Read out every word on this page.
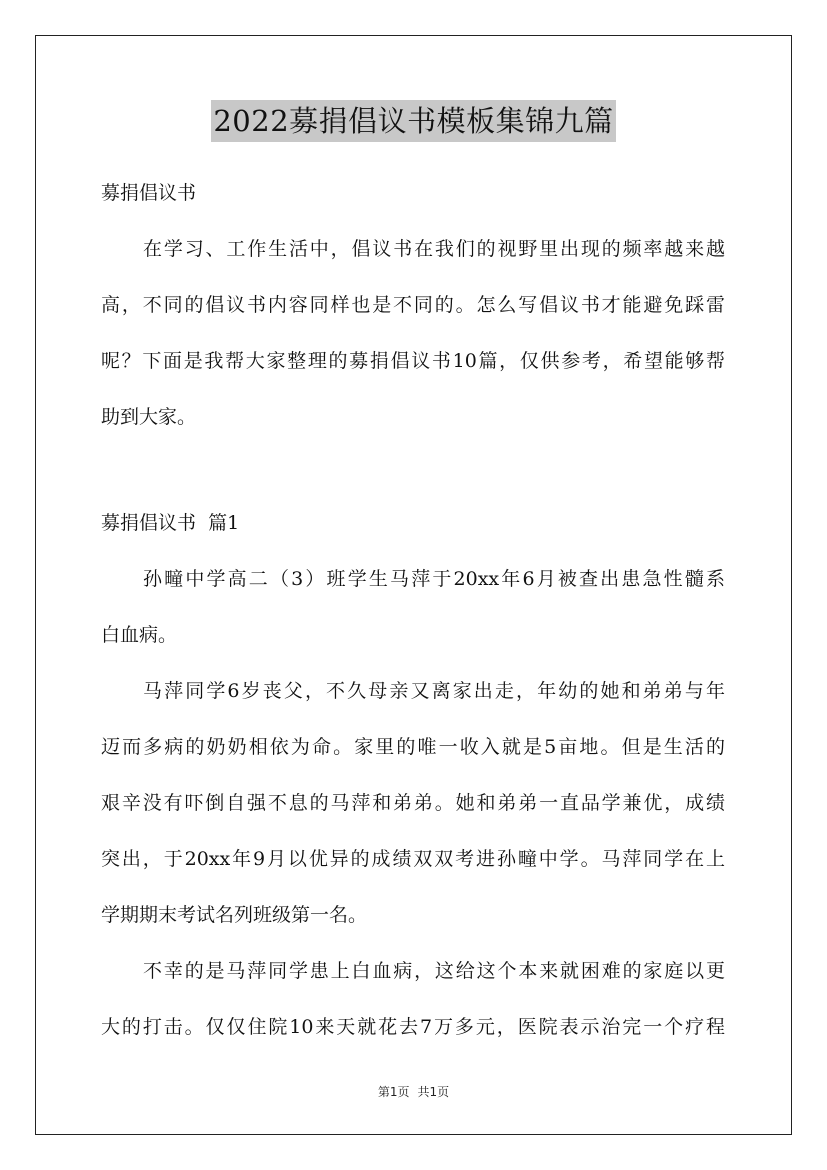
2022募捐倡议书模板集锦九篇
募捐倡议书
在学习、工作生活中，倡议书在我们的视野里出现的频率越来越
高，不同的倡议书内容同样也是不同的。怎么写倡议书才能避免踩雷
呢？下面是我帮大家整理的募捐倡议书10篇，仅供参考，希望能够帮
助到大家。
募捐倡议书  篇1
孙疃中学高二（3）班学生马萍于20xx年6月被查出患急性髓系
白血病。
马萍同学6岁丧父，不久母亲又离家出走，年幼的她和弟弟与年
迈而多病的奶奶相依为命。家里的唯一收入就是5亩地。但是生活的
艰辛没有吓倒自强不息的马萍和弟弟。她和弟弟一直品学兼优，成绩
突出，于20xx年9月以优异的成绩双双考进孙疃中学。马萍同学在上
学期期末考试名列班级第一名。
不幸的是马萍同学患上白血病，这给这个本来就困难的家庭以更
大的打击。仅仅住院10来天就花去7万多元，医院表示治完一个疗程
第1页 共1页
